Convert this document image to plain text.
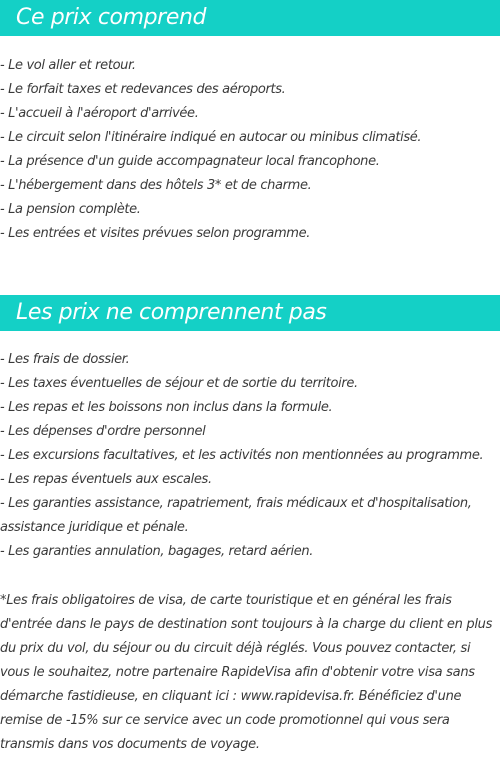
Ce prix comprend
- Le vol aller et retour.
- Le forfait taxes et redevances des aéroports.
- L'accueil à l'aéroport d'arrivée.
- Le circuit selon l'itinéraire indiqué en autocar ou minibus climatisé.
- La présence d'un guide accompagnateur local francophone.
- L'hébergement dans des hôtels 3* et de charme.
- La pension complète.
- Les entrées et visites prévues selon programme.
Les prix ne comprennent pas
- Les frais de dossier.
- Les taxes éventuelles de séjour et de sortie du territoire.
- Les repas et les boissons non inclus dans la formule.
- Les dépenses d'ordre personnel
- Les excursions facultatives, et les activités non mentionnées au programme.
- Les repas éventuels aux escales.
- Les garanties assistance, rapatriement, frais médicaux et d'hospitalisation, assistance juridique et pénale.
- Les garanties annulation, bagages, retard aérien.

*Les frais obligatoires de visa, de carte touristique et en général les frais d'entrée dans le pays de destination sont toujours à la charge du client en plus du prix du vol, du séjour ou du circuit déjà réglés. Vous pouvez contacter, si vous le souhaitez, notre partenaire RapideVisa afin d'obtenir votre visa sans démarche fastidieuse, en cliquant ici : www.rapidevisa.fr. Bénéficiez d'une remise de -15% sur ce service avec un code promotionnel qui vous sera transmis dans vos documents de voyage.
